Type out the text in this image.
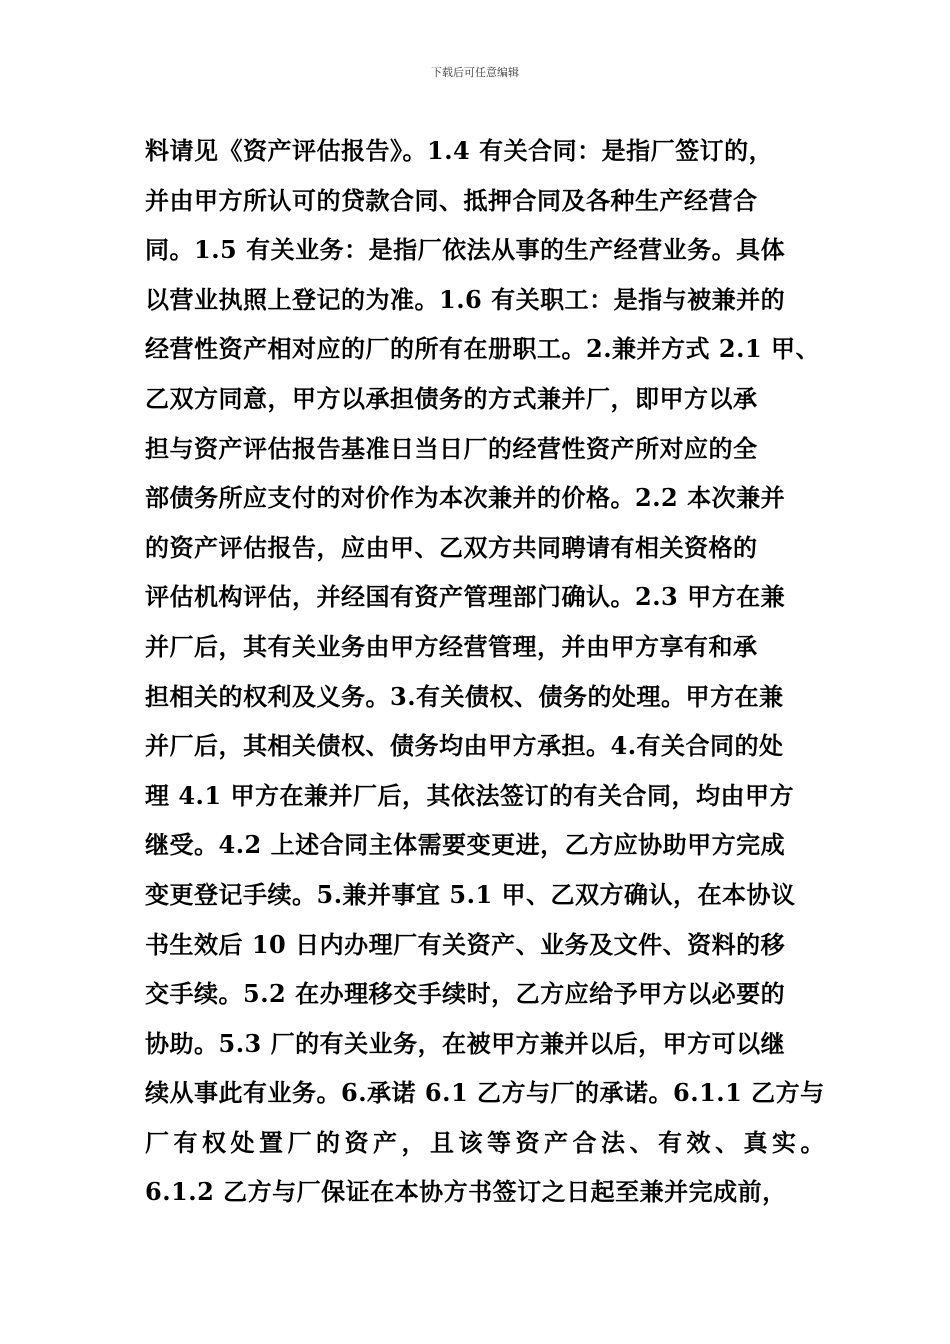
下载后可任意编辑
料请见《资产评估报告》。1.4 有关合同：是指厂签订的，
并由甲方所认可的贷款合同、抵押合同及各种生产经营合
同。1.5 有关业务：是指厂依法从事的生产经营业务。具体
以营业执照上登记的为准。1.6 有关职工：是指与被兼并的
经营性资产相对应的厂的所有在册职工。2.兼并方式 2.1 甲、
乙双方同意，甲方以承担债务的方式兼并厂，即甲方以承
担与资产评估报告基准日当日厂的经营性资产所对应的全
部债务所应支付的对价作为本次兼并的价格。2.2 本次兼并
的资产评估报告，应由甲、乙双方共同聘请有相关资格的
评估机构评估，并经国有资产管理部门确认。2.3 甲方在兼
并厂后，其有关业务由甲方经营管理，并由甲方享有和承
担相关的权利及义务。3.有关债权、债务的处理。甲方在兼
并厂后，其相关债权、债务均由甲方承担。4.有关合同的处
理 4.1 甲方在兼并厂后，其依法签订的有关合同，均由甲方
继受。4.2 上述合同主体需要变更进，乙方应协助甲方完成
变更登记手续。5.兼并事宜 5.1 甲、乙双方确认，在本协议
书生效后 10 日内办理厂有关资产、业务及文件、资料的移
交手续。5.2 在办理移交手续时，乙方应给予甲方以必要的
协助。5.3 厂的有关业务，在被甲方兼并以后，甲方可以继
续从事此有业务。6.承诺 6.1 乙方与厂的承诺。6.1.1 乙方与
厂有权处置厂的资产，且该等资产合法、有效、真实。
6.1.2 乙方与厂保证在本协方书签订之日起至兼并完成前，
